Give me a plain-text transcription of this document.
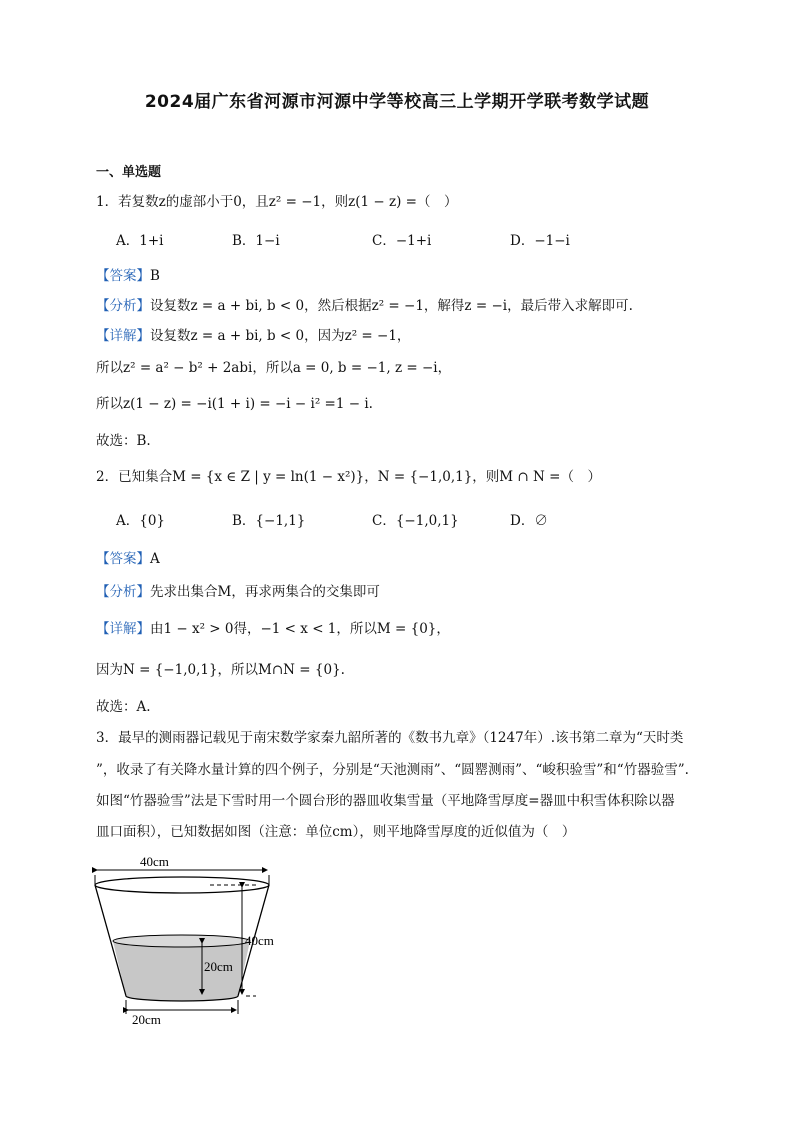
2024届广东省河源市河源中学等校高三上学期开学联考数学试题
一、单选题
1．若复数z的虚部小于0，且z² = −1，则z(1 − z) =（　）
A．1+i	B．1−i	C．−1+i	D．−1−i
【答案】B
【分析】设复数z = a + bi, b < 0，然后根据z² = −1，解得z = −i，最后带入求解即可.
【详解】设复数z = a + bi, b < 0，因为z² = −1，
所以z² = a² − b² + 2abi，所以a = 0, b = −1, z = −i，
所以z(1 − z) = −i(1 + i) = −i − i² =1 − i.
故选：B.
2．已知集合M = {x ∈ Z | y = ln(1 − x²)}，N = {−1,0,1}，则M ∩ N =（　）
A．{0}	B．{−1,1}	C．{−1,0,1}	D．∅
【答案】A
【分析】先求出集合M，再求两集合的交集即可
【详解】由1 − x² > 0得，−1 < x < 1，所以M = {0}，
因为N = {−1,0,1}，所以M∩N = {0}.
故选：A.
3．最早的测雨器记载见于南宋数学家秦九韶所著的《数书九章》（1247年）.该书第二章为“天时类
”，收录了有关降水量计算的四个例子，分别是“天池测雨”、“圆罂测雨”、“峻积验雪”和“竹器验雪”.
如图“竹器验雪”法是下雪时用一个圆台形的器皿收集雪量（平地降雪厚度=器皿中积雪体积除以器
皿口面积），已知数据如图（注意：单位cm），则平地降雪厚度的近似值为（　）
40cm
40cm
20cm
20cm
